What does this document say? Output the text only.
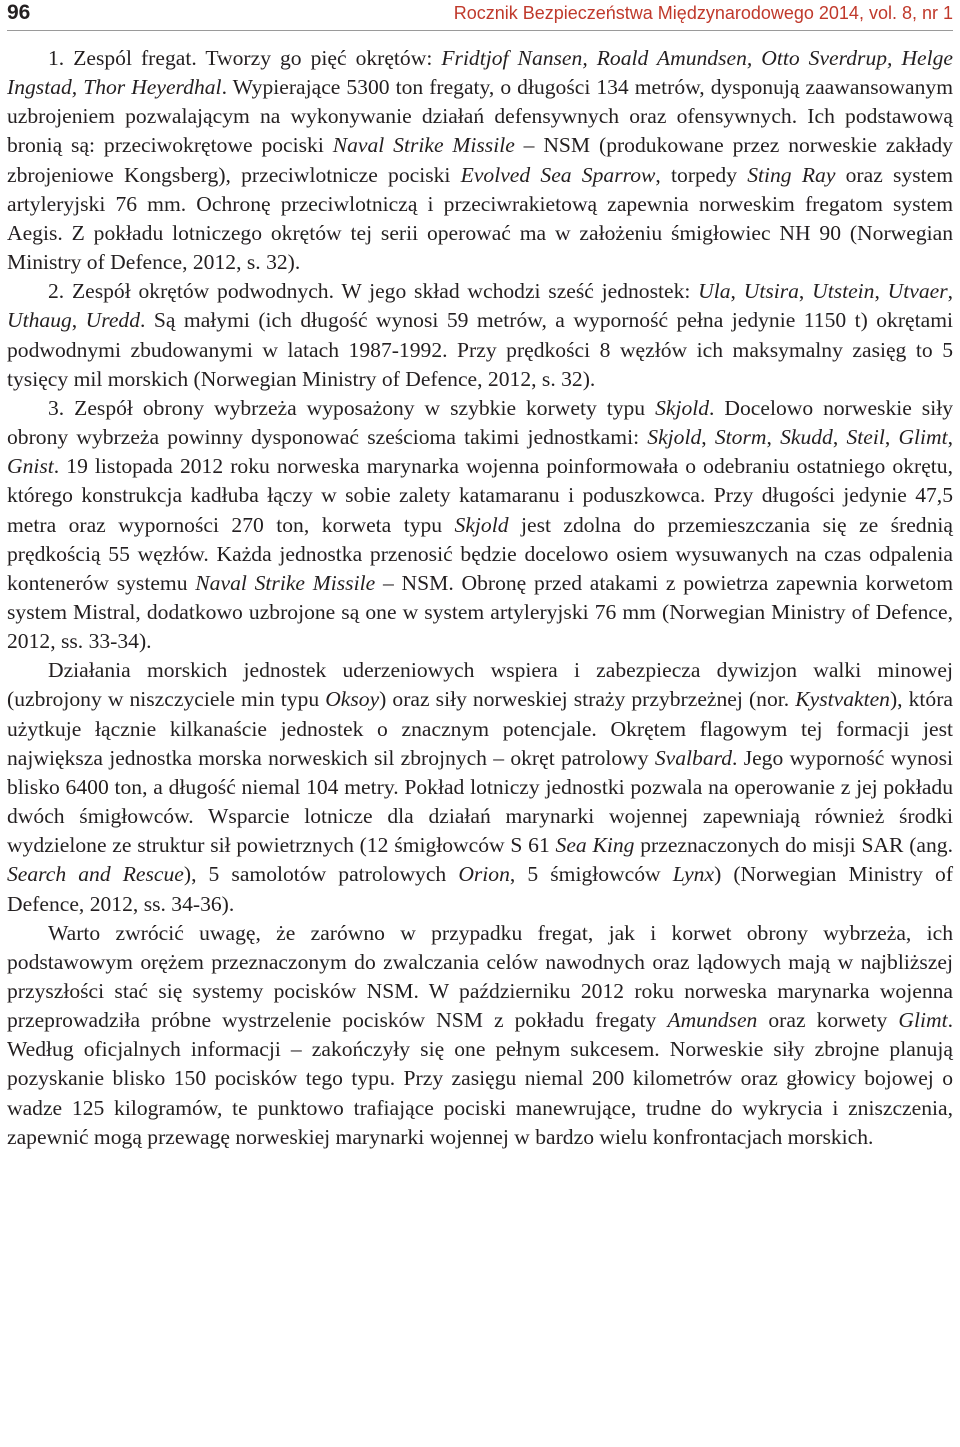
96	Rocznik Bezpieczeństwa Międzynarodowego 2014, vol. 8, nr 1

1. Zespól fregat. Tworzy go pięć okrętów: Fridtjof Nansen, Roald Amundsen, Otto Sverdrup, Helge Ingstad, Thor Heyerdhal. Wypierające 5300 ton fregaty, o długości 134 metrów, dysponują zaawansowanym uzbrojeniem pozwalającym na wykonywanie działań defensywnych oraz ofensywnych. Ich podstawową bronią są: przeciwokrętowe pociski Naval Strike Missile – NSM (produkowane przez norweskie zakłady zbrojeniowe Kongsberg), przeciwlotnicze pociski Evolved Sea Sparrow, torpedy Sting Ray oraz system artyleryjski 76 mm. Ochronę przeciwlotniczą i przeciwrakietową zapewnia norweskim fregatom system Aegis. Z pokładu lotniczego okrętów tej serii operować ma w założeniu śmigłowiec NH 90 (Norwegian Ministry of Defence, 2012, s. 32).

2. Zespół okrętów podwodnych. W jego skład wchodzi sześć jednostek: Ula, Utsira, Utstein, Utvaer, Uthaug, Uredd. Są małymi (ich długość wynosi 59 metrów, a wyporność pełna jedynie 1150 t) okrętami podwodnymi zbudowanymi w latach 1987-1992. Przy prędkości 8 węzłów ich maksymalny zasięg to 5 tysięcy mil morskich (Norwegian Ministry of Defence, 2012, s. 32).

3. Zespół obrony wybrzeża wyposażony w szybkie korwety typu Skjold. Docelowo norweskie siły obrony wybrzeża powinny dysponować sześcioma takimi jednostkami: Skjold, Storm, Skudd, Steil, Glimt, Gnist. 19 listopada 2012 roku norweska marynarka wojenna poinformowała o odebraniu ostatniego okrętu, którego konstrukcja kadłuba łączy w sobie zalety katamaranu i poduszkowca. Przy długości jedynie 47,5 metra oraz wyporności 270 ton, korweta typu Skjold jest zdolna do przemieszczania się ze średnią prędkością 55 węzłów. Każda jednostka przenosić będzie docelowo osiem wysuwanych na czas odpalenia kontenerów systemu Naval Strike Missile – NSM. Obronę przed atakami z powietrza zapewnia korwetom system Mistral, dodatkowo uzbrojone są one w system artyleryjski 76 mm (Norwegian Ministry of Defence, 2012, ss. 33-34).

Działania morskich jednostek uderzeniowych wspiera i zabezpiecza dywizjon walki minowej (uzbrojony w niszczyciele min typu Oksoy) oraz siły norweskiej straży przybrzeżnej (nor. Kystvakten), która użytkuje łącznie kilkanaście jednostek o znacznym potencjale. Okrętem flagowym tej formacji jest największa jednostka morska norweskich sil zbrojnych – okręt patrolowy Svalbard. Jego wyporność wynosi blisko 6400 ton, a długość niemal 104 metry. Pokład lotniczy jednostki pozwala na operowanie z jej pokładu dwóch śmigłowców. Wsparcie lotnicze dla działań marynarki wojennej zapewniają również środki wydzielone ze struktur sił powietrznych (12 śmigłowców S 61 Sea King przeznaczonych do misji SAR (ang. Search and Rescue), 5 samolotów patrolowych Orion, 5 śmigłowców Lynx) (Norwegian Ministry of Defence, 2012, ss. 34-36).

Warto zwrócić uwagę, że zarówno w przypadku fregat, jak i korwet obrony wybrzeża, ich podstawowym orężem przeznaczonym do zwalczania celów nawodnych oraz lądowych mają w najbliższej przyszłości stać się systemy pocisków NSM. W październiku 2012 roku norweska marynarka wojenna przeprowadziła próbne wystrzelenie pocisków NSM z pokładu fregaty Amundsen oraz korwety Glimt. Według oficjalnych informacji – zakończyły się one pełnym sukcesem. Norweskie siły zbrojne planują pozyskanie blisko 150 pocisków tego typu. Przy zasięgu niemal 200 kilometrów oraz głowicy bojowej o wadze 125 kilogramów, te punktowo trafiające pociski manewrujące, trudne do wykrycia i zniszczenia, zapewnić mogą przewagę norweskiej marynarki wojennej w bardzo wielu konfrontacjach morskich.
